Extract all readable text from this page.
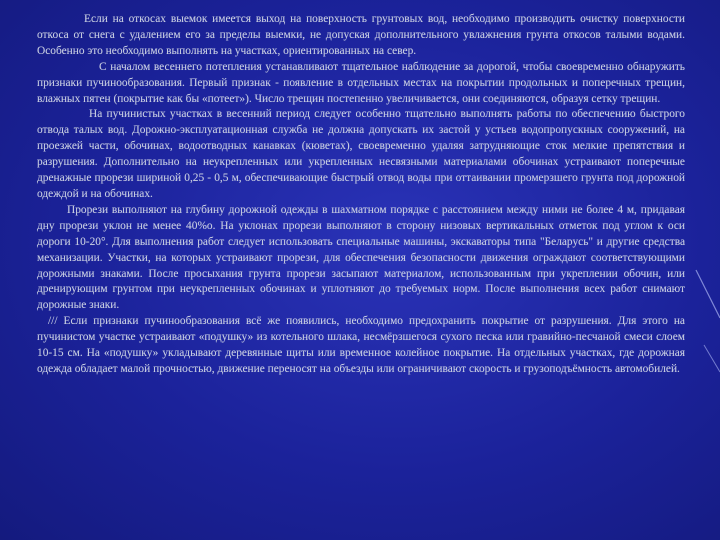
Если на откосах выемок имеется выход на поверхность грунтовых вод, необходимо производить очистку поверхности откоса от снега с удалением его за пределы выемки, не допуская дополнительного увлажнения грунта откосов талыми водами. Особенно это необходимо выполнять на участках, ориентированных на север.

С началом весеннего потепления устанавливают тщательное наблюдение за дорогой, чтобы своевременно обнаружить признаки пучинообразования. Первый признак - появление в отдельных местах на покрытии продольных и поперечных трещин, влажных пятен (покрытие как бы «потеет»). Число трещин постепенно увеличивается, они соединяются, образуя сетку трещин.

На пучинистых участках в весенний период следует особенно тщательно выполнять работы по обеспечению быстрого отвода талых вод. Дорожно-эксплуатационная служба не должна допускать их застой у устьев водопропускных сооружений, на проезжей части, обочинах, водоотводных канавках (кюветах), своевременно удаляя затрудняющие сток мелкие препятствия и разрушения. Дополнительно на неукрепленных или укрепленных несвязными материалами обочинах устраивают поперечные дренажные прорези шириной 0,25 - 0,5 м, обеспечивающие быстрый отвод воды при оттаивании промерзшего грунта под дорожной одеждой и на обочинах.

Прорези выполняют на глубину дорожной одежды в шахматном порядке с расстоянием между ними не более 4 м, придавая дну прорези уклон не менее 40%о. На уклонах прорези выполняют в сторону низовых вертикальных отметок под углом к оси дороги 10-20°. Для выполнения работ следует использовать специальные машины, экскаваторы типа "Беларусь" и другие средства механизации. Участки, на которых устраивают прорези, для обеспечения безопасности движения ограждают соответствующими дорожными знаками. После просыхания грунта прорези засыпают материалом, использованным при укреплении обочин, или дренирующим грунтом при неукрепленных обочинах и уплотняют до требуемых норм. После выполнения всех работ снимают дорожные знаки.

/// Если признаки пучинообразования всё же появились, необходимо предохранить покрытие от разрушения. Для этого на пучинистом участке устраивают «подушку» из котельного шлака, несмёрзшегося сухого песка или гравийно-песчаной смеси слоем 10-15 см. На «подушку» укладывают деревянные щиты или временное колейное покрытие. На отдельных участках, где дорожная одежда обладает малой прочностью, движение переносят на объезды или ограничивают скорость и грузоподъёмность автомобилей.
